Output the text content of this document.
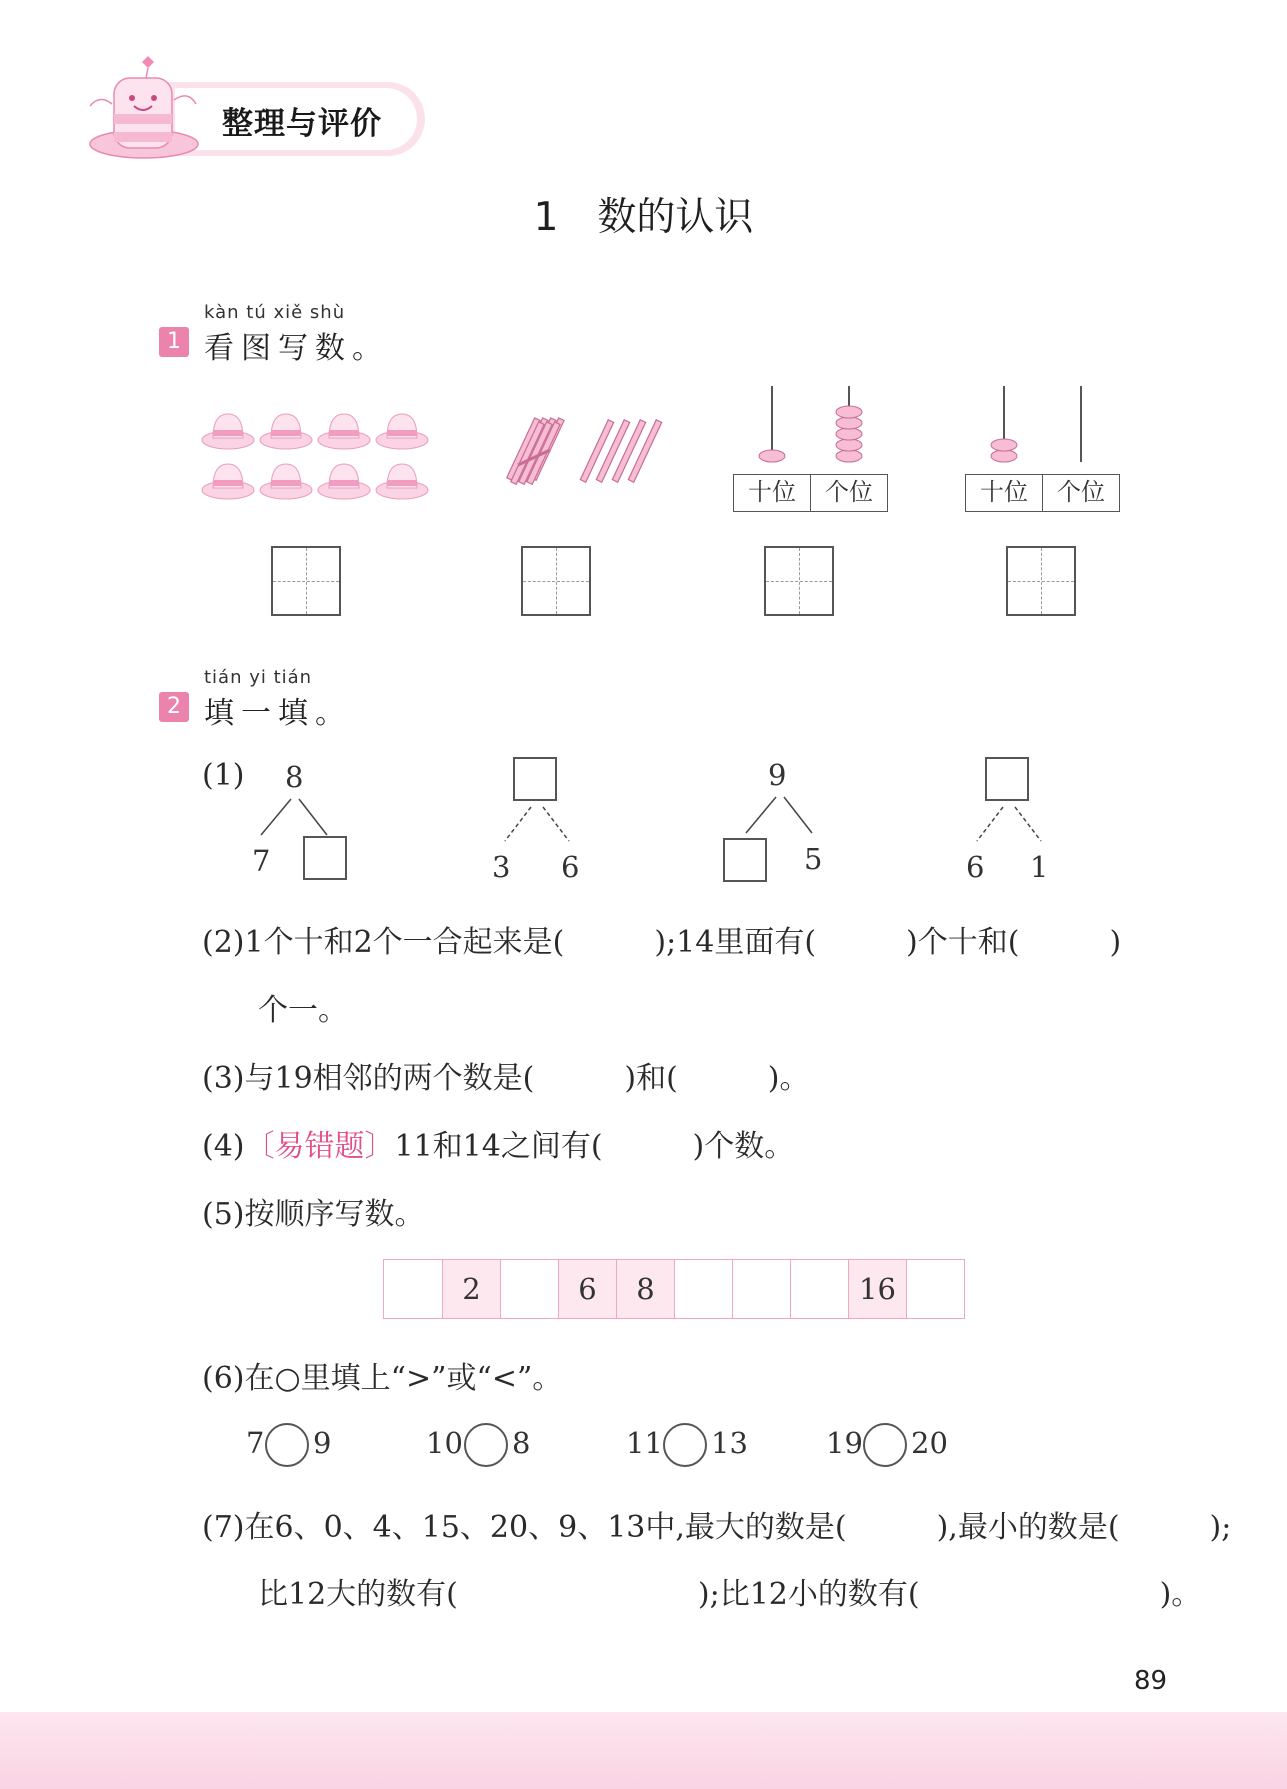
整理与评价
1　数的认识
kàn tú xiě shù
1 看图写数。
十位	个位	十位	个位
tián yi tián
2 填一填。
(1) 8
7	3 6
9
5	6 1
(2)1个十和2个一合起来是(　　　);14里面有(　　　)个十和(　　　)
个一。
(3)与19相邻的两个数是(　　　)和(　　　)。
(4)〔易错题〕11和14之间有(　　　)个数。
(5)按顺序写数。
2	6	8	16
(6)在○里填上“>”或“<”。
7 9	10 8	11 13	19 20
(7)在6、0、4、15、20、9、13中,最大的数是(　　　),最小的数是(　　　);
比12大的数有(　　　　　　　　);比12小的数有(　　　　　　　　)。
89
